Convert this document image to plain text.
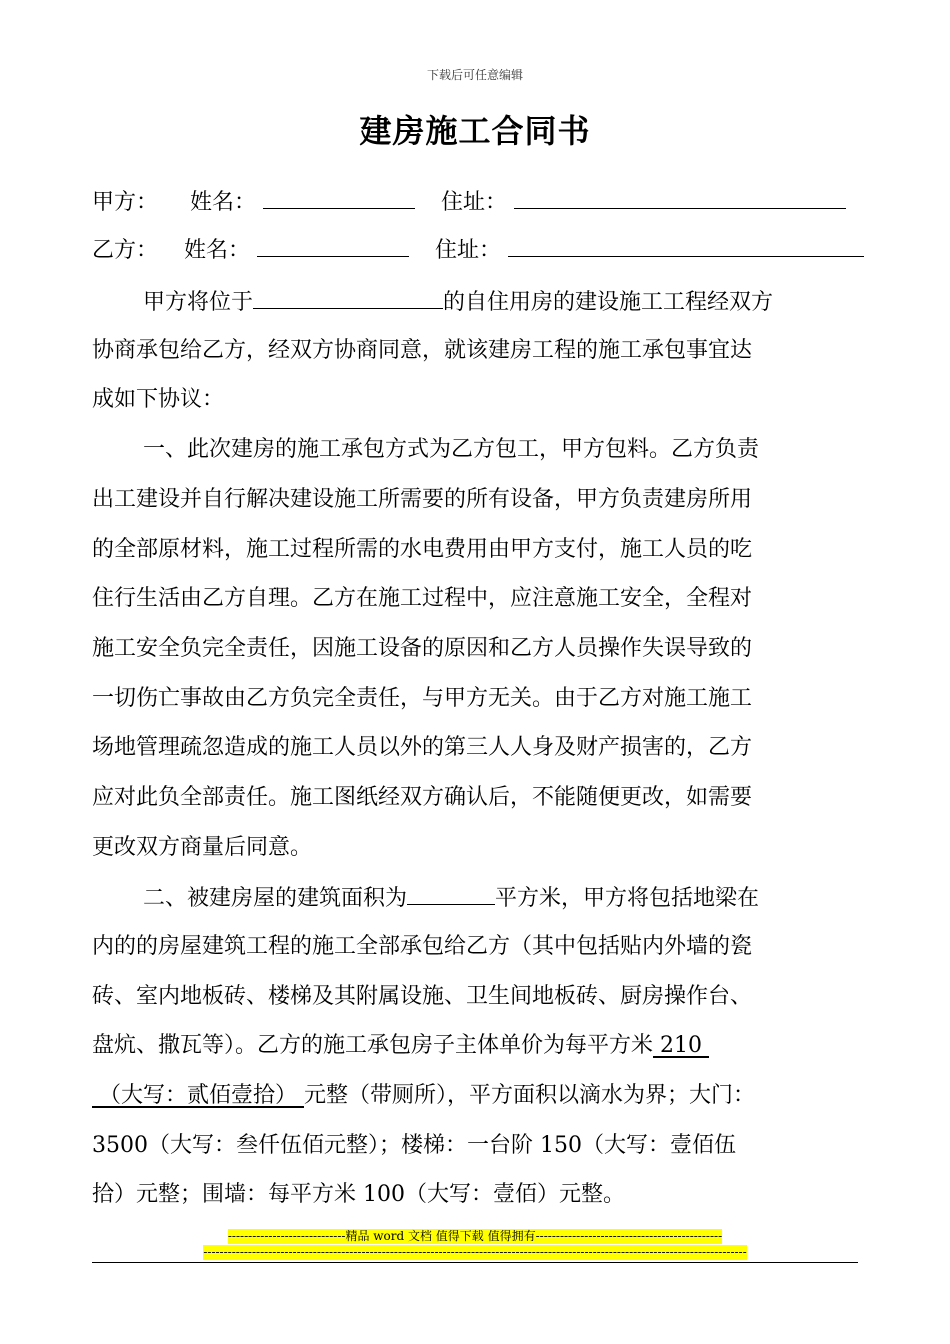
下载后可任意编辑
建房施工合同书
甲方： 姓名：	住址：
乙方： 姓名：	住址：
甲方将位于	的自住用房的建设施工工程经双方
协商承包给乙方，经双方协商同意，就该建房工程的施工承包事宜达
成如下协议：
一、此次建房的施工承包方式为乙方包工，甲方包料。乙方负责
出工建设并自行解决建设施工所需要的所有设备，甲方负责建房所用
的全部原材料，施工过程所需的水电费用由甲方支付，施工人员的吃
住行生活由乙方自理。乙方在施工过程中，应注意施工安全，全程对
施工安全负完全责任，因施工设备的原因和乙方人员操作失误导致的
一切伤亡事故由乙方负完全责任，与甲方无关。由于乙方对施工施工
场地管理疏忽造成的施工人员以外的第三人人身及财产损害的，乙方
应对此负全部责任。施工图纸经双方确认后，不能随便更改，如需要
更改双方商量后同意。
二、被建房屋的建筑面积为	平方米，甲方将包括地梁在
内的的房屋建筑工程的施工全部承包给乙方（其中包括贴内外墙的瓷
砖、室内地板砖、楼梯及其附属设施、卫生间地板砖、厨房操作台、
盘炕、撒瓦等）。乙方的施工承包房子主体单价为每平方米 210
（大写：贰佰壹拾） 元整（带厕所），平方面积以滴水为界；大门：
3500（大写：叁仟伍佰元整）；楼梯：一台阶 150（大写：壹佰伍
拾）元整；围墙：每平方米 100（大写：壹佰）元整。
-----------------------------精品 word 文档 值得下载 值得拥有----------------------------------------------
--------------------------------------------------------------------------------------------------------------------------------------
